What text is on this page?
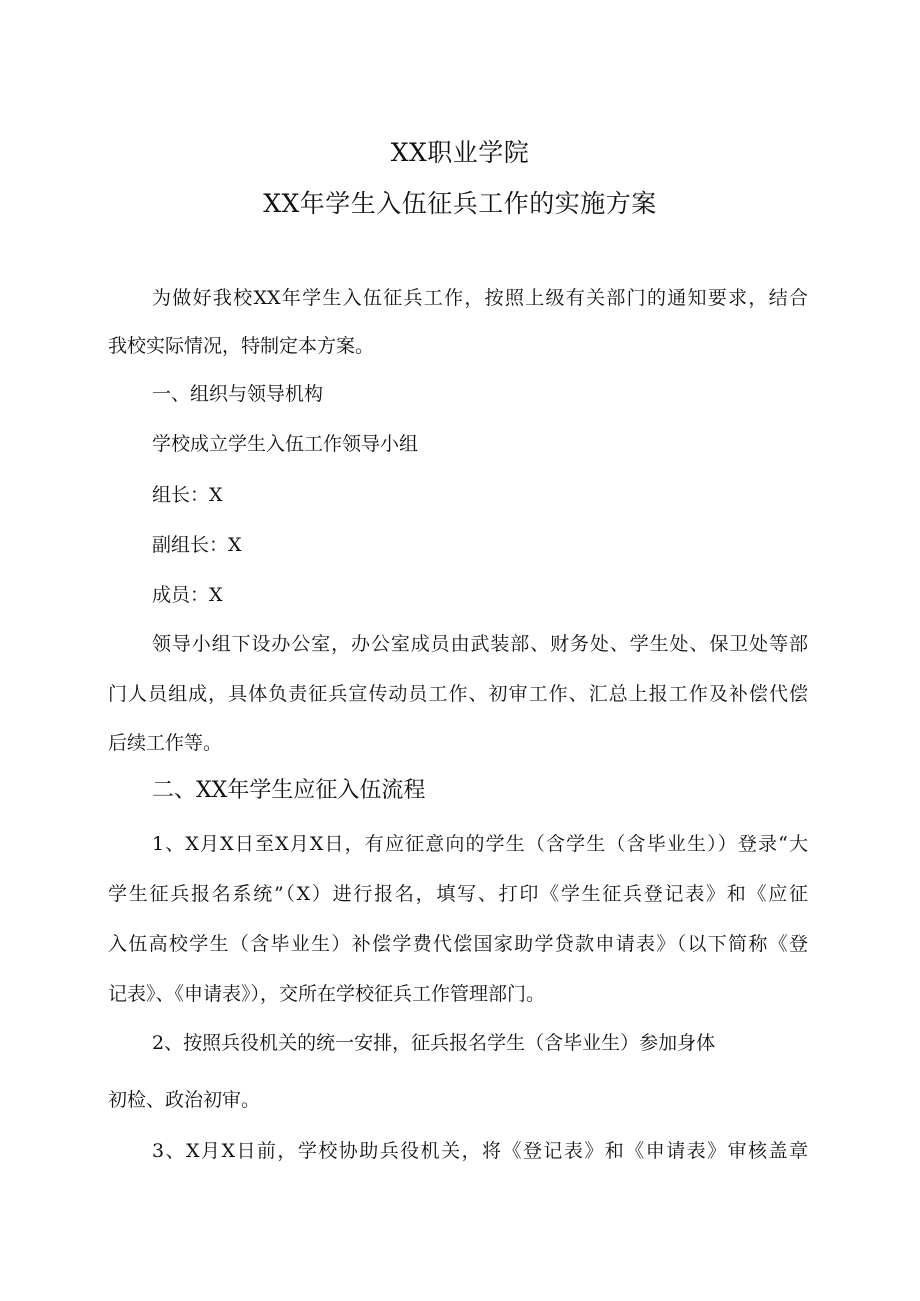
XX职业学院
XX年学生入伍征兵工作的实施方案
为做好我校XX年学生入伍征兵工作，按照上级有关部门的通知要求，结合
我校实际情况，特制定本方案。
一、组织与领导机构
学校成立学生入伍工作领导小组
组长：X
副组长：X
成员：X
领导小组下设办公室，办公室成员由武装部、财务处、学生处、保卫处等部
门人员组成，具体负责征兵宣传动员工作、初审工作、汇总上报工作及补偿代偿
后续工作等。
二、XX年学生应征入伍流程
1、X月X日至X月X日，有应征意向的学生（含学生（含毕业生））登录“大
学生征兵报名系统”（X）进行报名，填写、打印《学生征兵登记表》和《应征
入伍高校学生（含毕业生）补偿学费代偿国家助学贷款申请表》（以下简称《登
记表》、《申请表》），交所在学校征兵工作管理部门。
2、按照兵役机关的统一安排，征兵报名学生（含毕业生）参加身体
初检、政治初审。
3、X月X日前，学校协助兵役机关，将《登记表》和《申请表》审核盖章
